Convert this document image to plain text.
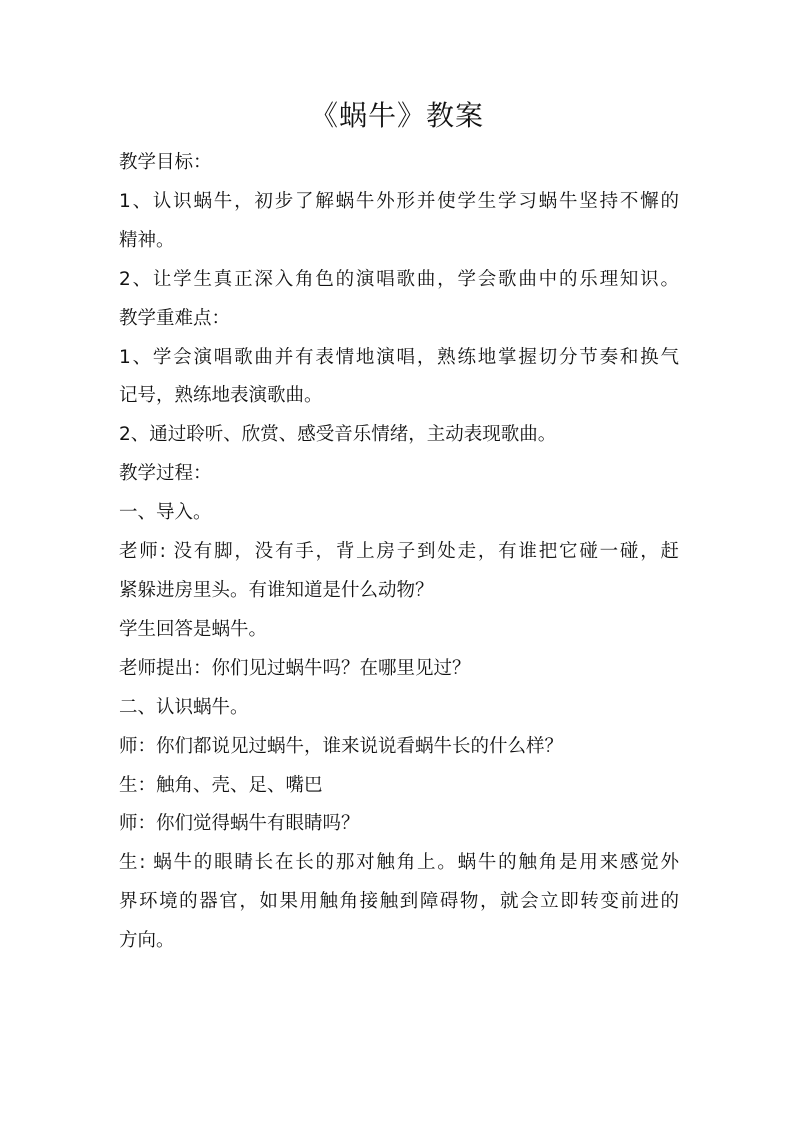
《蜗牛》教案

教学目标：

1、认识蜗牛，初步了解蜗牛外形并使学生学习蜗牛坚持不懈的

精神。

2、让学生真正深入角色的演唱歌曲，学会歌曲中的乐理知识。

教学重难点：

1、学会演唱歌曲并有表情地演唱，熟练地掌握切分节奏和换气

记号，熟练地表演歌曲。

2、通过聆听、欣赏、感受音乐情绪，主动表现歌曲。

教学过程：

一、导入。

老师: 没有脚，没有手，背上房子到处走，有谁把它碰一碰，赶

紧躲进房里头。有谁知道是什么动物？

学生回答是蜗牛。

老师提出：你们见过蜗牛吗？在哪里见过？

二、认识蜗牛。

师：你们都说见过蜗牛，谁来说说看蜗牛长的什么样？

生：触角、壳、足、嘴巴

师：你们觉得蜗牛有眼睛吗？

生: 蜗牛的眼睛长在长的那对触角上。蜗牛的触角是用来感觉外

界环境的器官，如果用触角接触到障碍物，就会立即转变前进的

方向。
